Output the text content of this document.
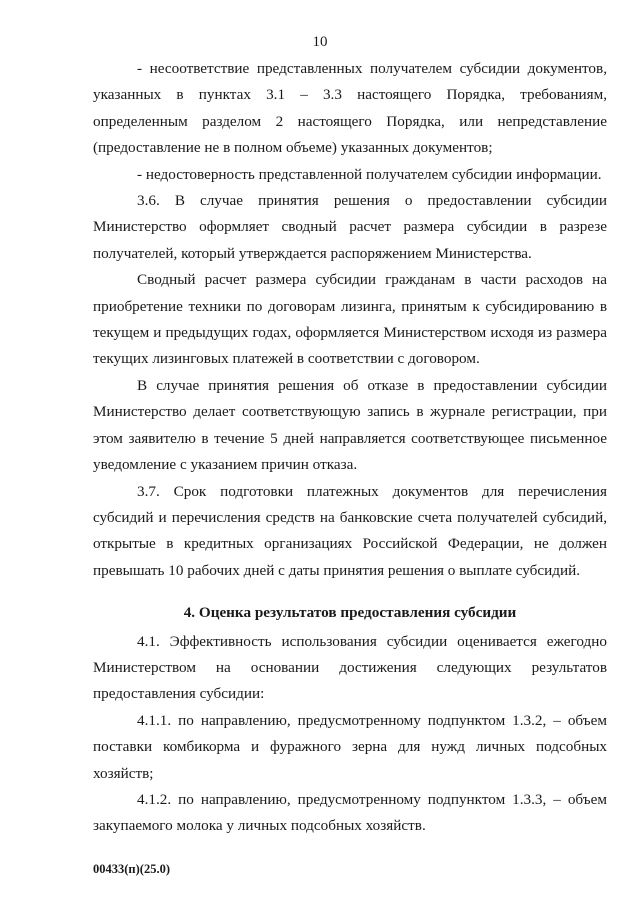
10

- несоответствие представленных получателем субсидии документов, указанных в пунктах 3.1 – 3.3 настоящего Порядка, требованиям, определенным разделом 2 настоящего Порядка, или непредставление (предоставление не в полном объеме) указанных документов;

- недостоверность представленной получателем субсидии информации.

3.6. В случае принятия решения о предоставлении субсидии Министерство оформляет сводный расчет размера субсидии в разрезе получателей, который утверждается распоряжением Министерства.

Сводный расчет размера субсидии гражданам в части расходов на приобретение техники по договорам лизинга, принятым к субсидированию в текущем и предыдущих годах, оформляется Министерством исходя из размера текущих лизинговых платежей в соответствии с договором.

В случае принятия решения об отказе в предоставлении субсидии Министерство делает соответствующую запись в журнале регистрации, при этом заявителю в течение 5 дней направляется соответствующее письменное уведомление с указанием причин отказа.

3.7. Срок подготовки платежных документов для перечисления субсидий и перечисления средств на банковские счета получателей субсидий, открытые в кредитных организациях Российской Федерации, не должен превышать 10 рабочих дней с даты принятия решения о выплате субсидий.

4. Оценка результатов предоставления субсидии

4.1. Эффективность использования субсидии оценивается ежегодно Министерством на основании достижения следующих результатов предоставления субсидии:

4.1.1. по направлению, предусмотренному подпунктом 1.3.2, – объем поставки комбикорма и фуражного зерна для нужд личных подсобных хозяйств;

4.1.2. по направлению, предусмотренному подпунктом 1.3.3, – объем закупаемого молока у личных подсобных хозяйств.

00433(п)(25.0)
